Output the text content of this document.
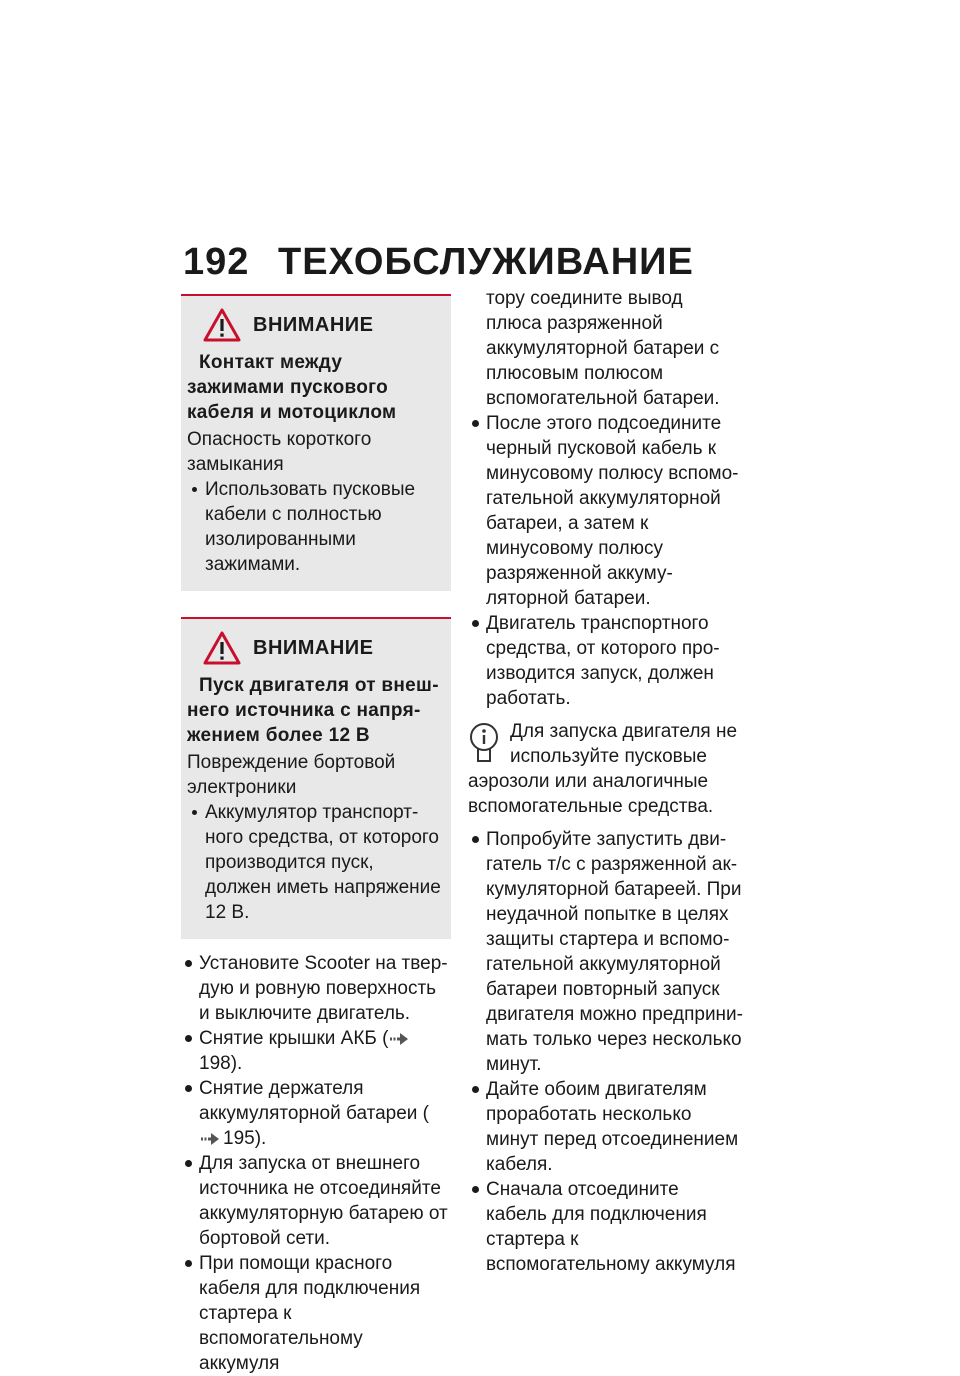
192 ТЕХОБСЛУЖИВАНИЕ
ВНИМАНИЕ
Контакт между зажимами пускового кабеля и мотоциклом
Опасность короткого замыкания
Использовать пусковые кабели с полностью изолированными зажимами.
ВНИМАНИЕ
Пуск двигателя от внешнего источника с напряжением более 12 В
Повреждение бортовой электроники
Аккумулятор транспортного средства, от которого производится пуск, должен иметь напряжение 12 В.
Установите Scooter на твердую и ровную поверхность и выключите двигатель.
Снятие крышки АКБ (198).
Снятие держателя аккумуляторной батареи (195).
Для запуска от внешнего источника не отсоединяйте аккумуляторную батарею от бортовой сети.
При помощи красного кабеля для подключения стартера к вспомогательному аккумуля
тору соедините вывод плюса разряженной аккумуляторной батареи с плюсовым полюсом вспомогательной батареи.
После этого подсоедините черный пусковой кабель к минусовому полюсу вспомогательной аккумуляторной батареи, а затем к минусовому полюсу разряженной аккумуляторной батареи.
Двигатель транспортного средства, от которого производится запуск, должен работать.
Для запуска двигателя не используйте пусковые аэрозоли или аналогичные вспомогательные средства.
Попробуйте запустить двигатель т/с с разряженной аккумуляторной батареей. При неудачной попытке в целях защиты стартера и вспомогательной аккумуляторной батареи повторный запуск двигателя можно предпринимать только через несколько минут.
Дайте обоим двигателям проработать несколько минут перед отсоединением кабеля.
Сначала отсоедините кабель для подключения стартера к вспомогательному аккумуля
